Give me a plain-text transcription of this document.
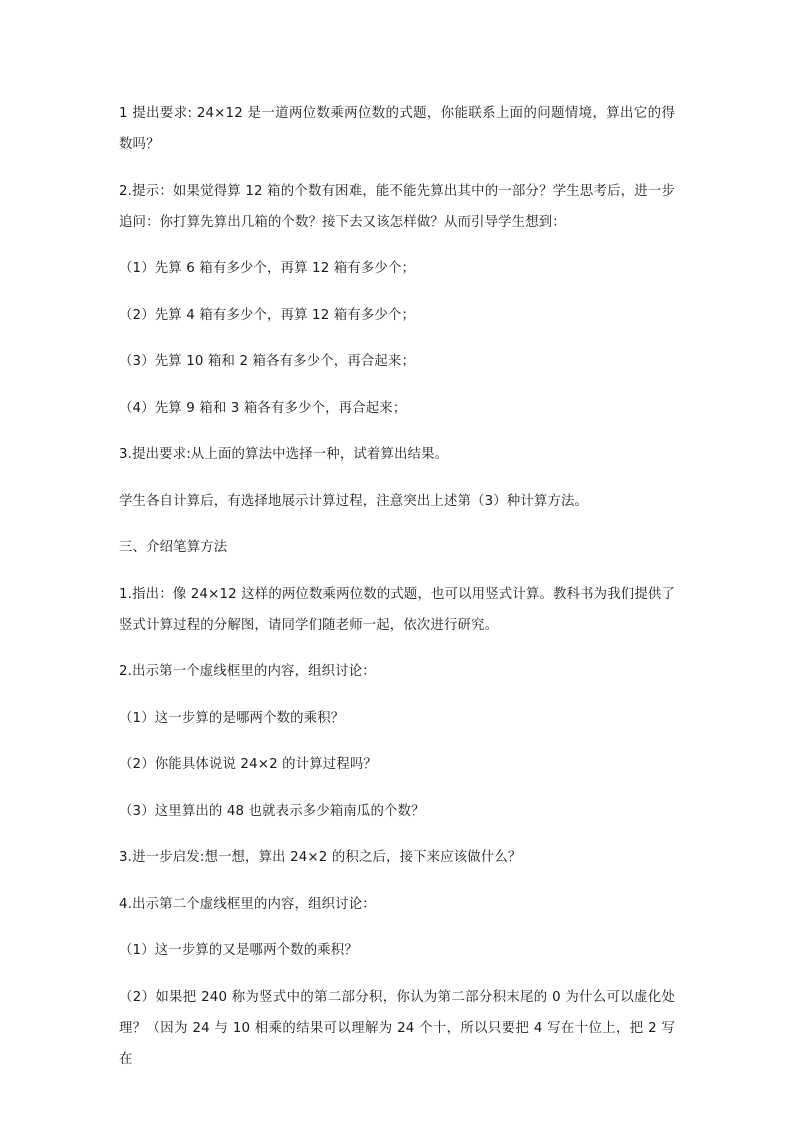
1 提出要求: 24×12 是一道两位数乘两位数的式题，你能联系上面的问题情境，算出它的得数吗？

2.提示：如果觉得算 12 箱的个数有困难，能不能先算出其中的一部分？学生思考后，进一步追问：你打算先算出几箱的个数？接下去又该怎样做？从而引导学生想到：

（1）先算 6 箱有多少个，再算 12 箱有多少个；

（2）先算 4 箱有多少个，再算 12 箱有多少个；

（3）先算 10 箱和 2 箱各有多少个，再合起来；

（4）先算 9 箱和 3 箱各有多少个，再合起来；

3.提出要求:从上面的算法中选择一种，试着算出结果。

学生各自计算后，有选择地展示计算过程，注意突出上述第（3）种计算方法。

三、介绍笔算方法

1.指出：像 24×12 这样的两位数乘两位数的式题，也可以用竖式计算。教科书为我们提供了竖式计算过程的分解图，请同学们随老师一起，依次进行研究。

2.出示第一个虚线框里的内容，组织讨论：

（1）这一步算的是哪两个数的乘积？

（2）你能具体说说 24×2 的计算过程吗？

（3）这里算出的 48 也就表示多少箱南瓜的个数？

3.进一步启发:想一想，算出 24×2 的积之后，接下来应该做什么？

4.出示第二个虚线框里的内容，组织讨论：

（1）这一步算的又是哪两个数的乘积？

（2）如果把 240 称为竖式中的第二部分积，你认为第二部分积末尾的 0 为什么可以虚化处理？（因为 24 与 10 相乘的结果可以理解为 24 个十，所以只要把 4 写在十位上，把 2 写在
